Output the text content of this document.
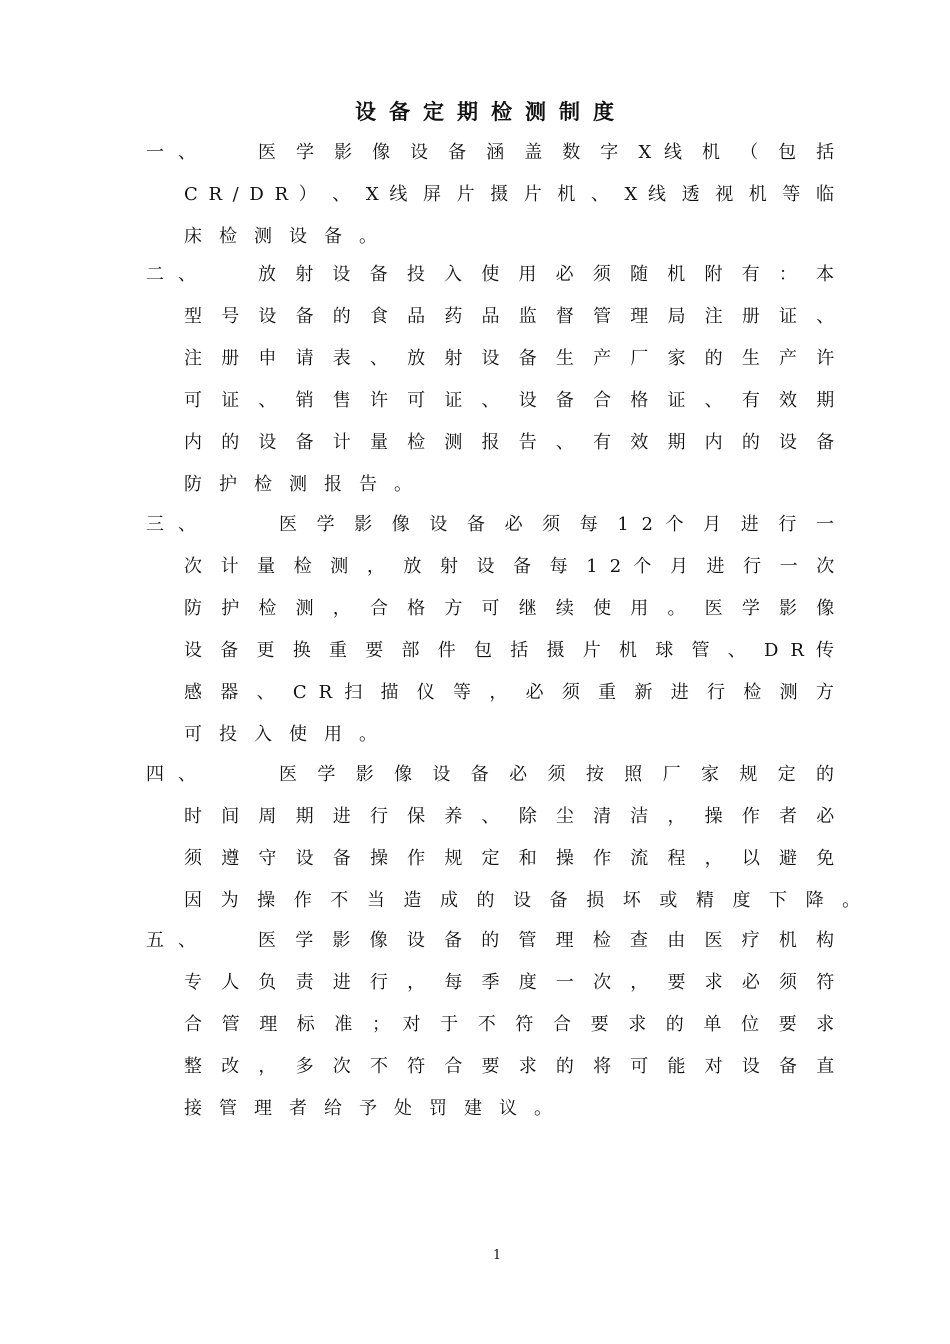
设备定期检测制度
一、	医 学 影 像 设 备 涵 盖 数 字 X 线 机 （ 包 括
C R / D R ） 、 X 线 屏 片 摄 片 机 、 X 线 透 视 机 等 临
床检测设备。
二、	放 射 设 备 投 入 使 用 必 须 随 机 附 有 ： 本
型 号 设 备 的 食 品 药 品 监 督 管 理 局 注 册 证 、
注 册 申 请 表 、 放 射 设 备 生 产 厂 家 的 生 产 许
可 证 、 销 售 许 可 证 、 设 备 合 格 证 、 有 效 期
内 的 设 备 计 量 检 测 报 告 、 有 效 期 内 的 设 备
防护检测报告。
三、	医 学 影 像 设 备 必 须 每 1 2 个 月 进 行 一
次 计 量 检 测 ， 放 射 设 备 每 1 2 个 月 进 行 一 次
防 护 检 测 ， 合 格 方 可 继 续 使 用 。 医 学 影 像
设 备 更 换 重 要 部 件 包 括 摄 片 机 球 管 、 D R 传
感 器 、 C R 扫 描 仪 等 ， 必 须 重 新 进 行 检 测 方
可投入使用。
四、	医 学 影 像 设 备 必 须 按 照 厂 家 规 定 的
时 间 周 期 进 行 保 养 、 除 尘 清 洁 ， 操 作 者 必
须 遵 守 设 备 操 作 规 定 和 操 作 流 程 ， 以 避 免
因 为 操 作 不 当 造 成 的 设 备 损 坏 或 精 度 下 降 。
五、	医 学 影 像 设 备 的 管 理 检 查 由 医 疗 机 构
专 人 负 责 进 行 ， 每 季 度 一 次 ， 要 求 必 须 符
合 管 理 标 准 ； 对 于 不 符 合 要 求 的 单 位 要 求
整 改 ， 多 次 不 符 合 要 求 的 将 可 能 对 设 备 直
接管理者给予处罚建议。
1
